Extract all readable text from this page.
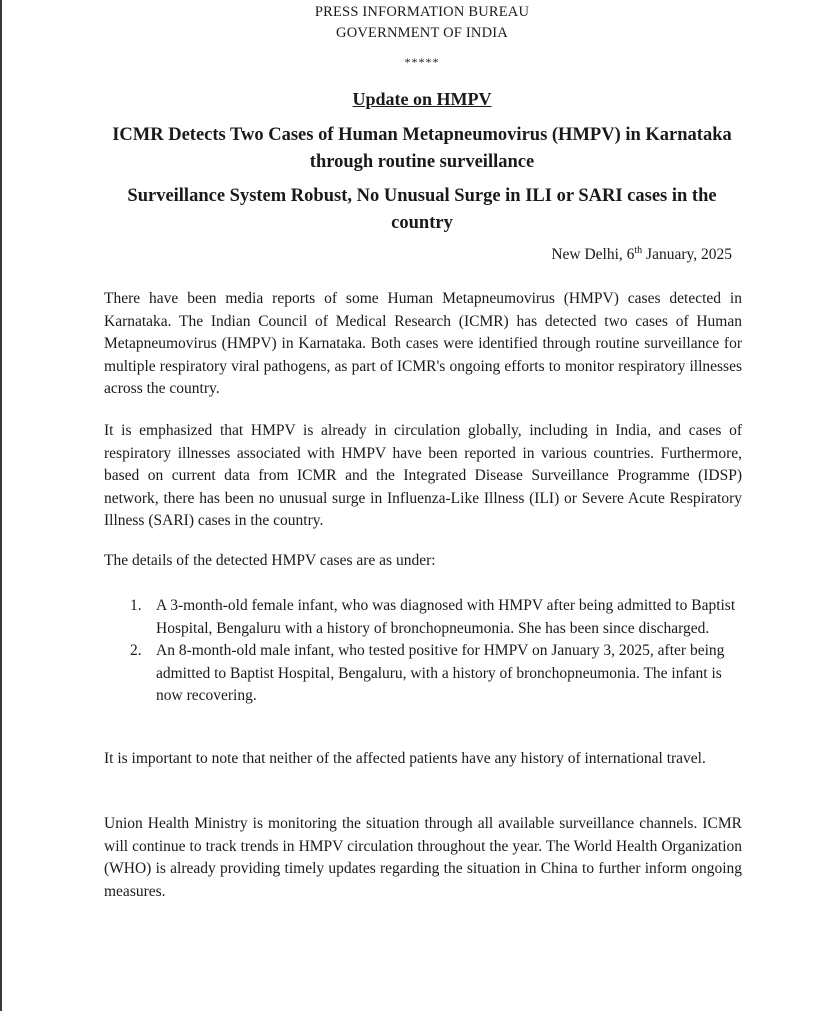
PRESS INFORMATION BUREAU
GOVERNMENT OF INDIA
*****
Update on HMPV
ICMR Detects Two Cases of Human Metapneumovirus (HMPV) in Karnataka through routine surveillance
Surveillance System Robust, No Unusual Surge in ILI or SARI cases in the country
New Delhi, 6th January, 2025
There have been media reports of some Human Metapneumovirus (HMPV) cases detected in Karnataka. The Indian Council of Medical Research (ICMR) has detected two cases of Human Metapneumovirus (HMPV) in Karnataka. Both cases were identified through routine surveillance for multiple respiratory viral pathogens, as part of ICMR's ongoing efforts to monitor respiratory illnesses across the country.
It is emphasized that HMPV is already in circulation globally, including in India, and cases of respiratory illnesses associated with HMPV have been reported in various countries. Furthermore, based on current data from ICMR and the Integrated Disease Surveillance Programme (IDSP) network, there has been no unusual surge in Influenza-Like Illness (ILI) or Severe Acute Respiratory Illness (SARI) cases in the country.
The details of the detected HMPV cases are as under:
1. A 3-month-old female infant, who was diagnosed with HMPV after being admitted to Baptist Hospital, Bengaluru with a history of bronchopneumonia. She has been since discharged.
2. An 8-month-old male infant, who tested positive for HMPV on January 3, 2025, after being admitted to Baptist Hospital, Bengaluru, with a history of bronchopneumonia. The infant is now recovering.
It is important to note that neither of the affected patients have any history of international travel.
Union Health Ministry is monitoring the situation through all available surveillance channels. ICMR will continue to track trends in HMPV circulation throughout the year. The World Health Organization (WHO) is already providing timely updates regarding the situation in China to further inform ongoing measures.
